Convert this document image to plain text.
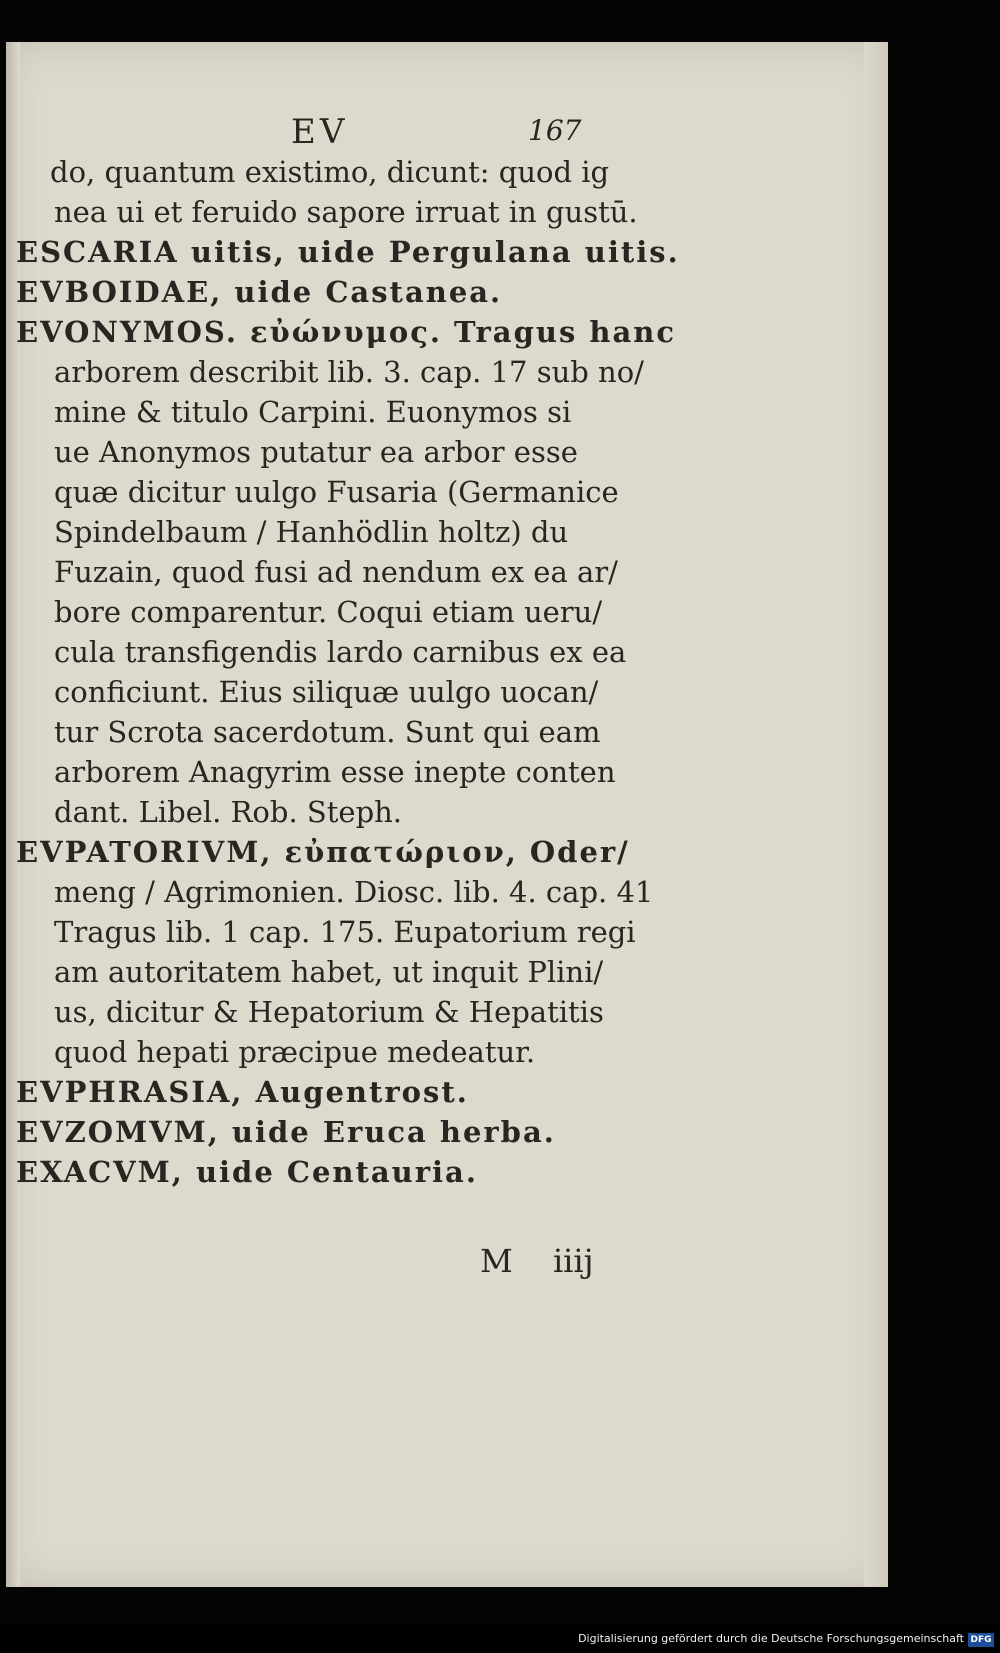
EV	167
do, quantum existimo, dicunt: quod ig
nea ui et feruido sapore irruat in gustū.
ESCARIA uitis, uide Pergulana uitis.
EVBOIDAE, uide Castanea.
EVONYMOS. εὐώνυμος. Tragus hanc
arborem describit lib. 3. cap. 17 sub no/
mine & titulo Carpini. Euonymos si
ue Anonymos putatur ea arbor esse
quæ dicitur uulgo Fusaria (Germanice
Spindelbaum / Hanhödlin holtz) du
Fuzain, quod fusi ad nendum ex ea ar/
bore comparentur. Coqui etiam ueru/
cula transfigendis lardo carnibus ex ea
conficiunt. Eius siliquæ uulgo uocan/
tur Scrota sacerdotum. Sunt qui eam
arborem Anagyrim esse inepte conten
dant. Libel. Rob. Steph.
EVPATORIVM, εὐπατώριον, Oder/
meng / Agrimonien. Diosc. lib. 4. cap. 41
Tragus lib. 1 cap. 175. Eupatorium regi
am autoritatem habet, ut inquit Plini/
us, dicitur & Hepatorium & Hepatitis
quod hepati præcipue medeatur.
EVPHRASIA, Augentrost.
EVZOMVM, uide Eruca herba.
EXACVM, uide Centauria.
M iiij
Digitalisierung gefördert durch die Deutsche Forschungsgemeinschaft DFG
